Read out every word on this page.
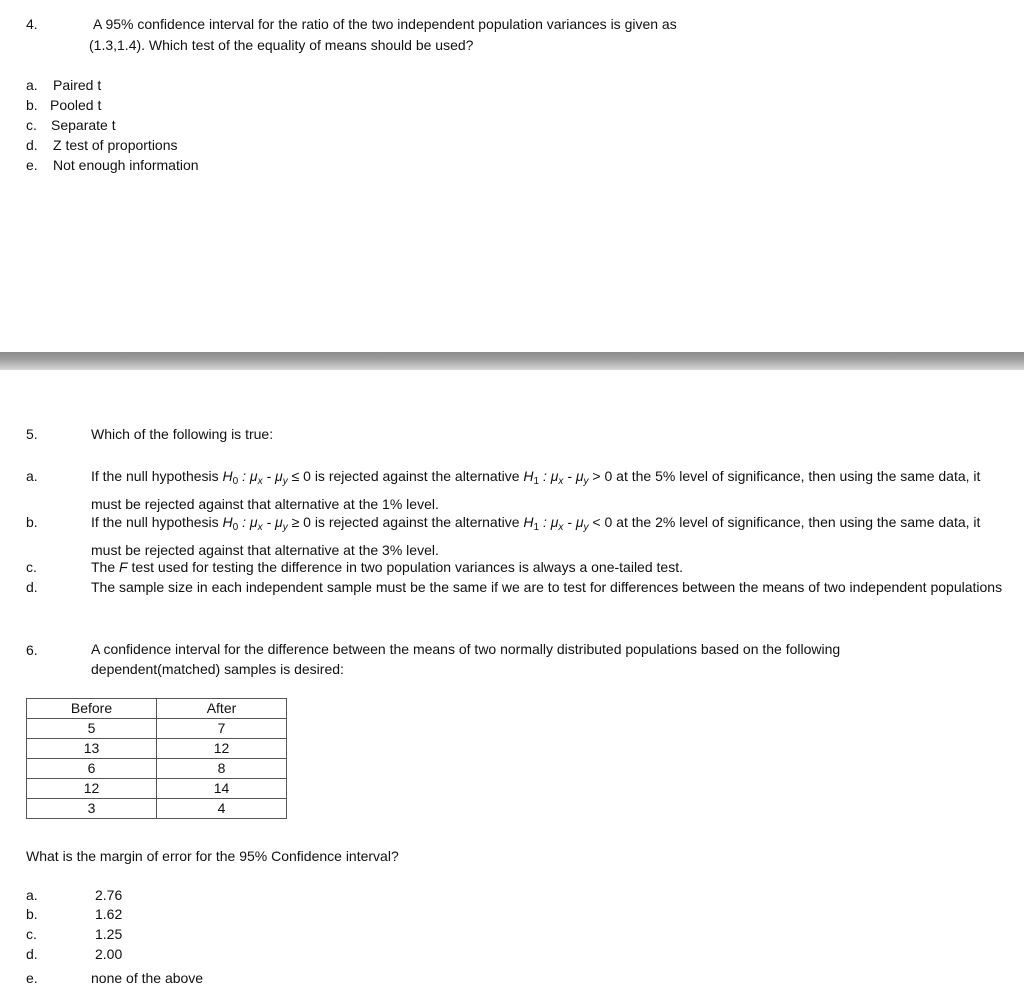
4.	A 95% confidence interval for the ratio of the two independent population variances is given as
(1.3,1.4). Which test of the equality of means should be used?
a. Paired t
b. Pooled t
c. Separate t
d. Z test of proportions
e. Not enough information
5.	Which of the following is true:
a.	If the null hypothesis $H_0$ : $\mu_x - \mu_y \le 0$ is rejected against the alternative $H_1$ : $\mu_x - \mu_y > 0$ at the 5% level of significance, then using the same data, it must be rejected against that alternative at the 1% level.
b.	If the null hypothesis $H_0$ : $\mu_x - \mu_y \ge 0$ is rejected against the alternative $H_1$ : $\mu_x - \mu_y < 0$ at the 2% level of significance, then using the same data, it must be rejected against that alternative at the 3% level.
c.	The F test used for testing the difference in two population variances is always a one-tailed test.
d.	The sample size in each independent sample must be the same if we are to test for differences between the means of two independent populations
6.	A confidence interval for the difference between the means of two normally distributed populations based on the following dependent(matched) samples is desired:
Before	After
5	7
13	12
6	8
12	14
3	4
What is the margin of error for the 95% Confidence interval?
a.	2.76
b.	1.62
c.	1.25
d.	2.00
e.	none of the above
